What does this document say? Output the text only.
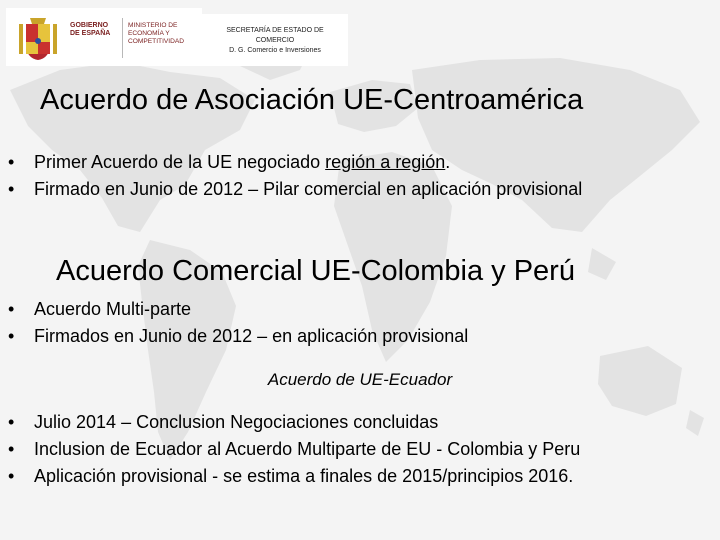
GOBIERNO DE ESPAÑA
MINISTERIO DE ECONOMÍA Y COMPETITIVIDAD
SECRETARÍA DE ESTADO DE
COMERCIO
D. G. Comercio e Inversiones
Acuerdo de Asociación UE-Centroamérica
• Primer Acuerdo de la UE negociado región a región.
• Firmado en Junio de 2012 – Pilar comercial en aplicación provisional
Acuerdo Comercial UE-Colombia y Perú
• Acuerdo Multi-parte
• Firmados en Junio de 2012 – en aplicación provisional
Acuerdo de UE-Ecuador
• Julio 2014 – Conclusion Negociaciones concluidas
• Inclusion de Ecuador al Acuerdo Multiparte de EU - Colombia y Peru
• Aplicación provisional - se estima a finales de 2015/principios 2016.
